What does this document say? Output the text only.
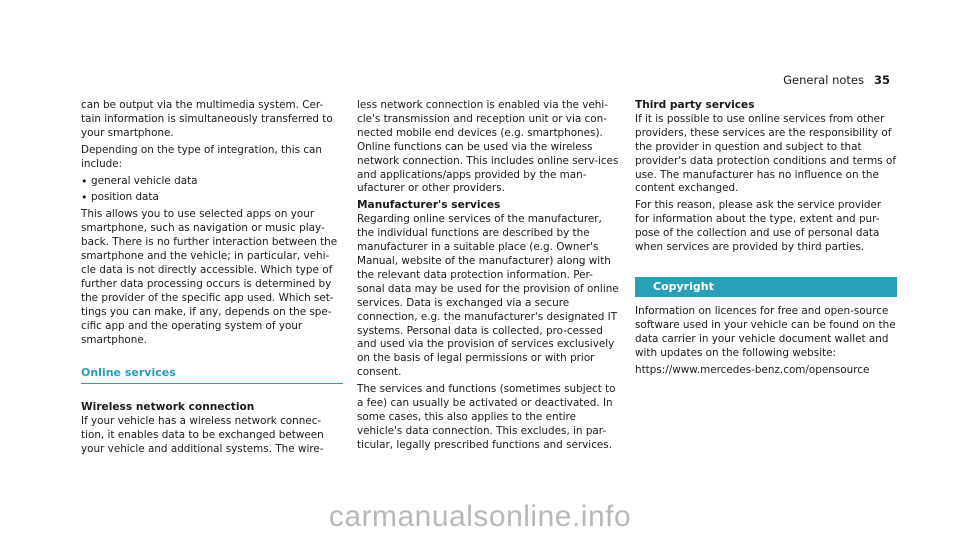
General notes 35

can be output via the multimedia system. Cer-tain information is simultaneously transferred to your smartphone.

Depending on the type of integration, this can include:

• general vehicle data
• position data

This allows you to use selected apps on your smartphone, such as navigation or music play-back. There is no further interaction between the smartphone and the vehicle; in particular, vehi-cle data is not directly accessible. Which type of further data processing occurs is determined by the provider of the specific app used. Which set-tings you can make, if any, depends on the spe-cific app and the operating system of your smartphone.

Online services
Wireless network connection

If your vehicle has a wireless network connec-tion, it enables data to be exchanged between your vehicle and additional systems. The wire-

less network connection is enabled via the vehi-cle's transmission and reception unit or via con-nected mobile end devices (e.g. smartphones). Online functions can be used via the wireless network connection. This includes online serv-ices and applications/apps provided by the man-ufacturer or other providers.

Manufacturer's services

Regarding online services of the manufacturer, the individual functions are described by the manufacturer in a suitable place (e.g. Owner's Manual, website of the manufacturer) along with the relevant data protection information. Per-sonal data may be used for the provision of online services. Data is exchanged via a secure connection, e.g. the manufacturer's designated IT systems. Personal data is collected, pro-cessed and used via the provision of services exclusively on the basis of legal permissions or with prior consent.

The services and functions (sometimes subject to a fee) can usually be activated or deactivated. In some cases, this also applies to the entire vehicle's data connection. This excludes, in par-ticular, legally prescribed functions and services.

Third party services

If it is possible to use online services from other providers, these services are the responsibility of the provider in question and subject to that provider's data protection conditions and terms of use. The manufacturer has no influence on the content exchanged.

For this reason, please ask the service provider for information about the type, extent and pur-pose of the collection and use of personal data when services are provided by third parties.

Copyright

Information on licences for free and open-source software used in your vehicle can be found on the data carrier in your vehicle document wallet and with updates on the following website:

https://www.mercedes-benz.com/opensource

carmanualsonline.info
